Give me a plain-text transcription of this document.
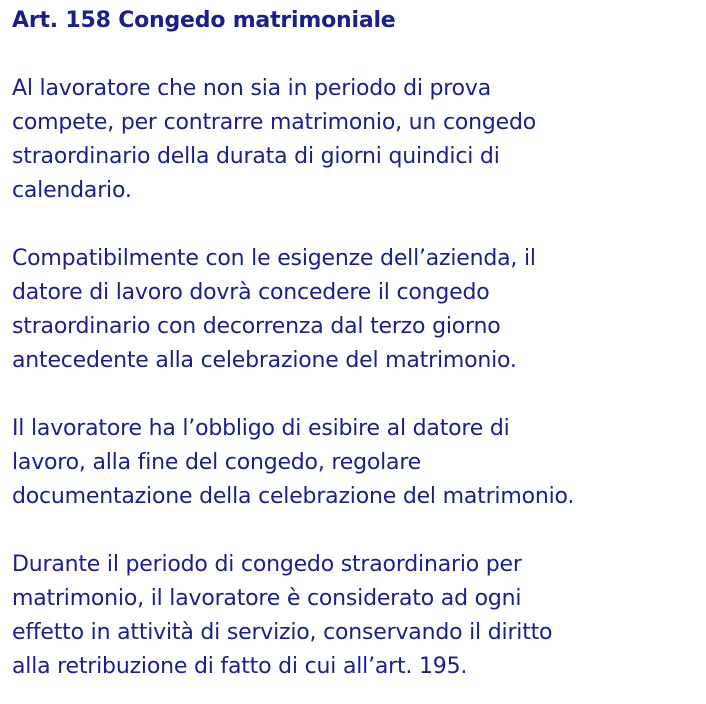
Art. 158 Congedo matrimoniale
Al lavoratore che non sia in periodo di prova
compete, per contrarre matrimonio, un congedo
straordinario della durata di giorni quindici di
calendario.
Compatibilmente con le esigenze dell’azienda, il
datore di lavoro dovrà concedere il congedo
straordinario con decorrenza dal terzo giorno
antecedente alla celebrazione del matrimonio.
Il lavoratore ha l’obbligo di esibire al datore di
lavoro, alla fine del congedo, regolare
documentazione della celebrazione del matrimonio.
Durante il periodo di congedo straordinario per
matrimonio, il lavoratore è considerato ad ogni
effetto in attività di servizio, conservando il diritto
alla retribuzione di fatto di cui all’art. 195.
